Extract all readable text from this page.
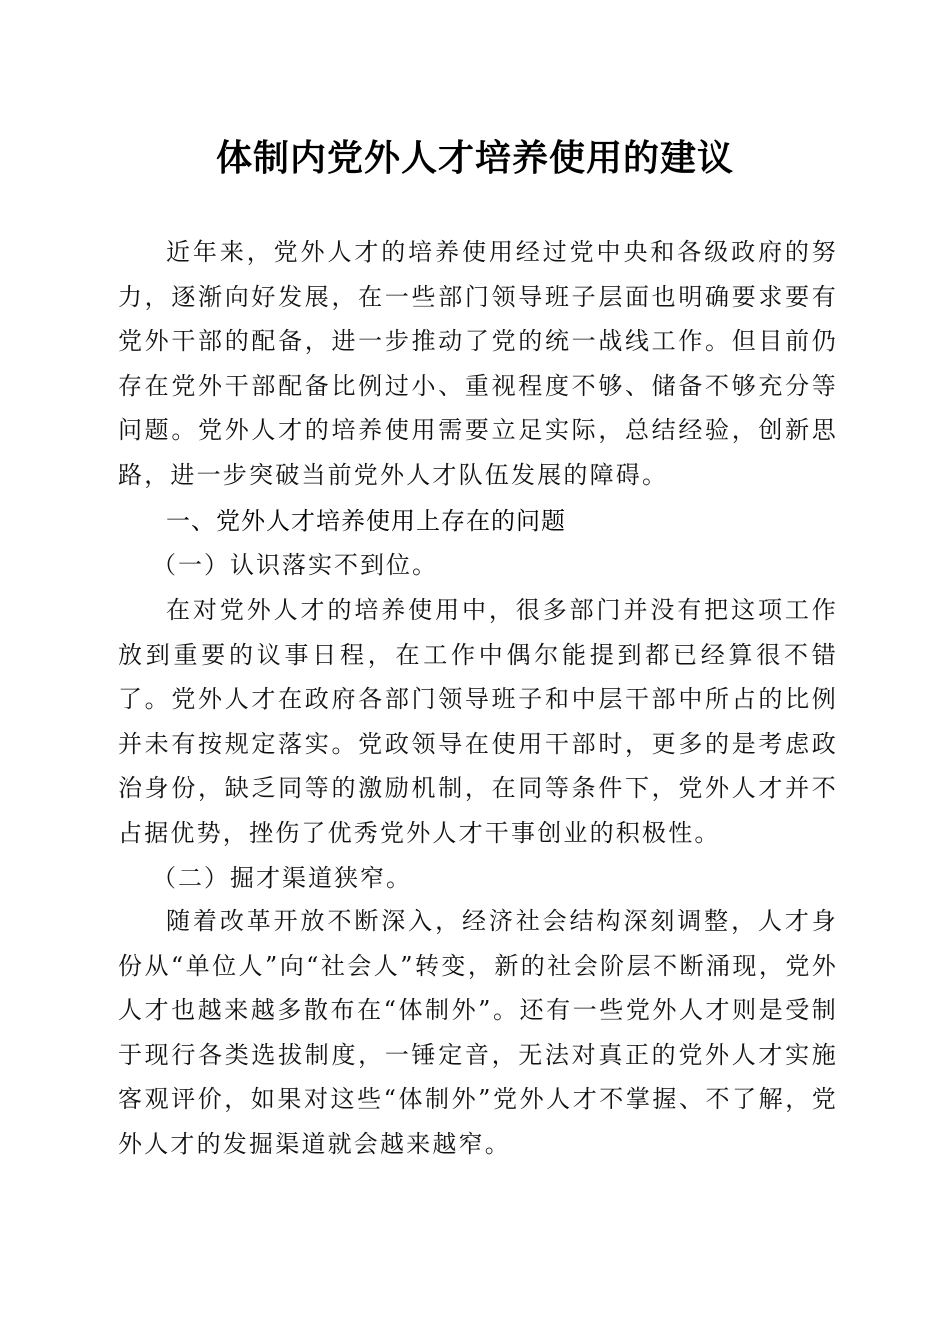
体制内党外人才培养使用的建议
近年来，党外人才的培养使用经过党中央和各级政府的努力，逐渐向好发展，在一些部门领导班子层面也明确要求要有党外干部的配备，进一步推动了党的统一战线工作。但目前仍存在党外干部配备比例过小、重视程度不够、储备不够充分等问题。党外人才的培养使用需要立足实际，总结经验，创新思路，进一步突破当前党外人才队伍发展的障碍。
一、党外人才培养使用上存在的问题
（一）认识落实不到位。
在对党外人才的培养使用中，很多部门并没有把这项工作放到重要的议事日程，在工作中偶尔能提到都已经算很不错了。党外人才在政府各部门领导班子和中层干部中所占的比例并未有按规定落实。党政领导在使用干部时，更多的是考虑政治身份，缺乏同等的激励机制，在同等条件下，党外人才并不占据优势，挫伤了优秀党外人才干事创业的积极性。
（二）掘才渠道狭窄。
随着改革开放不断深入，经济社会结构深刻调整，人才身份从“单位人”向“社会人”转变，新的社会阶层不断涌现，党外人才也越来越多散布在“体制外”。还有一些党外人才则是受制于现行各类选拔制度，一锤定音，无法对真正的党外人才实施客观评价，如果对这些“体制外”党外人才不掌握、不了解，党外人才的发掘渠道就会越来越窄。
